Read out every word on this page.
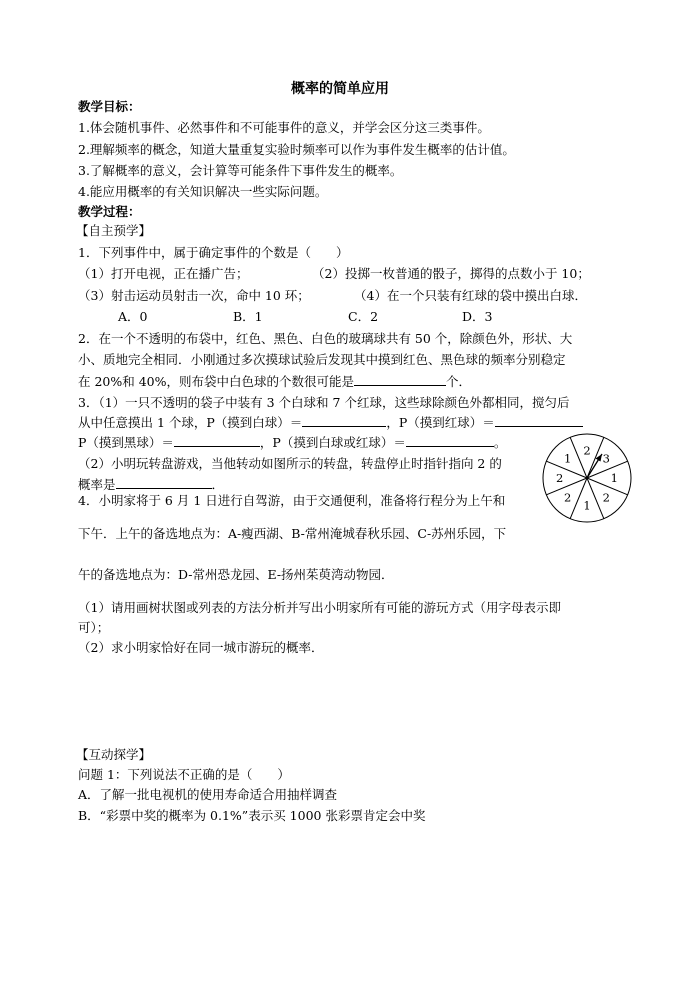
概率的简单应用
教学目标：
1.体会随机事件、必然事件和不可能事件的意义，并学会区分这三类事件。
2.理解频率的概念，知道大量重复实验时频率可以作为事件发生概率的估计值。
3.了解概率的意义，会计算等可能条件下事件发生的概率。
4.能应用概率的有关知识解决一些实际问题。
教学过程：
【自主预学】
1．下列事件中，属于确定事件的个数是（　　）
（1）打开电视，正在播广告；	（2）投掷一枚普通的骰子，掷得的点数小于 10；
（3）射击运动员射击一次，命中 10 环；	（4）在一个只装有红球的袋中摸出白球．
A．0	B．1	C．2	D．3
2．在一个不透明的布袋中，红色、黑色、白色的玻璃球共有 50 个，除颜色外，形状、大
小、质地完全相同．小刚通过多次摸球试验后发现其中摸到红色、黑色球的频率分别稳定
在 20%和 40%，则布袋中白色球的个数很可能是	个．
3．（1）一只不透明的袋子中装有 3 个白球和 7 个红球，这些球除颜色外都相同，搅匀后
从中任意摸出 1 个球，P（摸到白球）＝	，P（摸到红球）＝
P（摸到黑球）＝	，P（摸到白球或红球）＝	。
（2）小明玩转盘游戏，当他转动如图所示的转盘，转盘停止时指针指向 2 的
概率是	．
2
3
1
2
1
2
2
1
4．小明家将于 6 月 1 日进行自驾游，由于交通便利，准备将行程分为上午和
下午．上午的备选地点为：A-瘦西湖、B-常州淹城春秋乐园、C-苏州乐园，下
午的备选地点为：D-常州恐龙园、E-扬州茱萸湾动物园．
（1）请用画树状图或列表的方法分析并写出小明家所有可能的游玩方式（用字母表示即
可）；
（2）求小明家恰好在同一城市游玩的概率．
【互动探学】
问题 1：下列说法不正确的是（　　）
A．了解一批电视机的使用寿命适合用抽样调查
B．“彩票中奖的概率为 0.1%”表示买 1000 张彩票肯定会中奖
